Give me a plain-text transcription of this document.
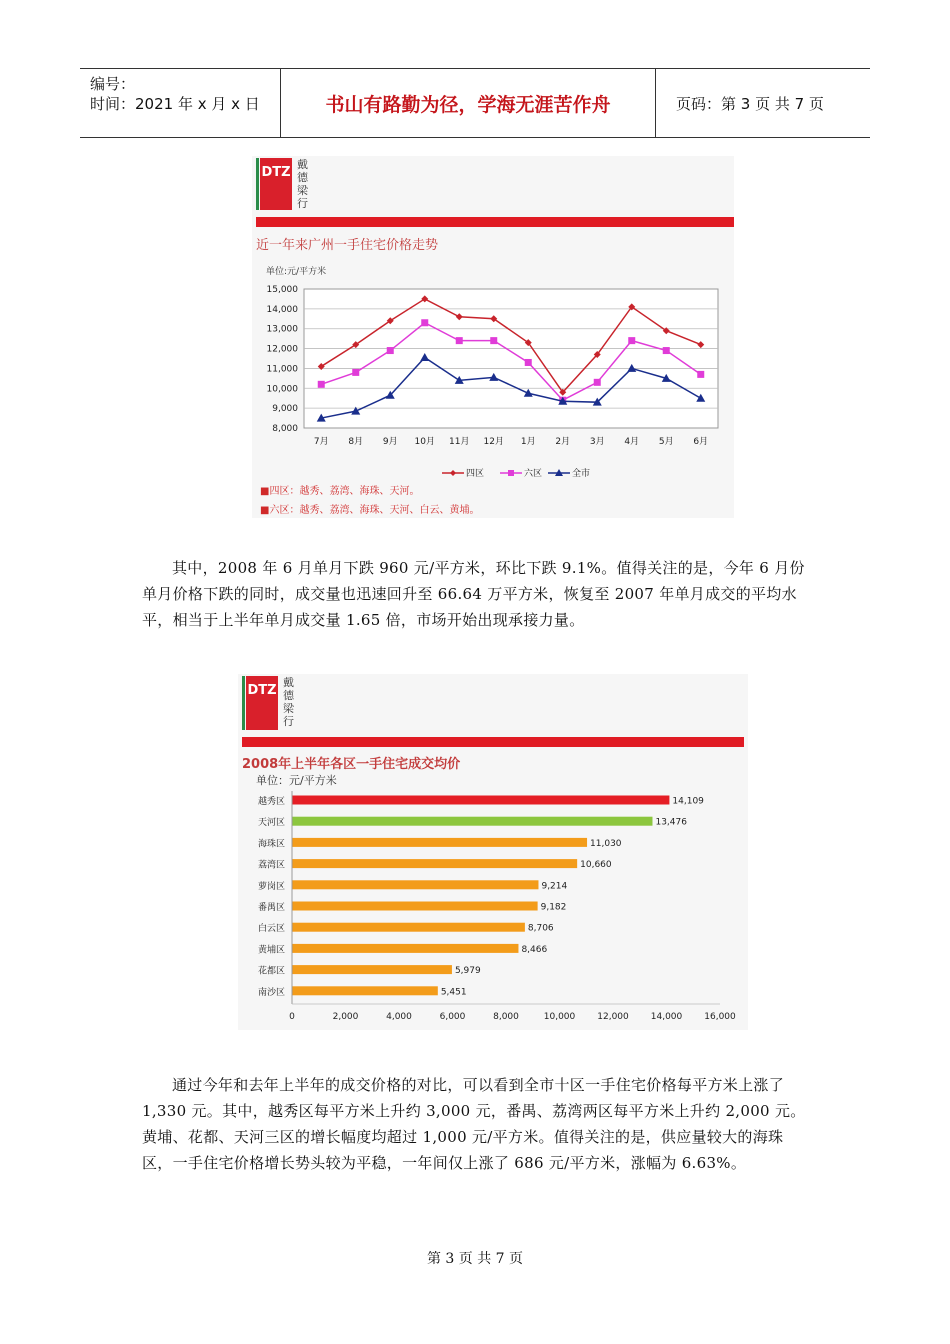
编号：
时间：2021 年 x 月 x 日	书山有路勤为径，学海无涯苦作舟	页码：第 3 页 共 7 页
DTZ
戴
德
梁
行
近一年来广州一手住宅价格走势
单位:元/平方米
8,000
9,000
10,000
11,000
12,000
13,000
14,000
15,000
7月 8月 9月 10月 11月 12月 1月 2月 3月 4月 5月 6月
四区	六区	全市
■四区：越秀、荔湾、海珠、天河。
■六区：越秀、荔湾、海珠、天河、白云、黄埔。
其中，2008 年 6 月单月下跌 960 元/平方米，环比下跌 9.1%。值得关注的是，今年 6 月份单月价格下跌的同时，成交量也迅速回升至 66.64 万平方米，恢复至 2007 年单月成交的平均水平，相当于上半年单月成交量 1.65 倍，市场开始出现承接力量。
DTZ
戴
德
梁
行
2008年上半年各区一手住宅成交均价
单位：元/平方米
越秀区	14,109
天河区	13,476
海珠区	11,030
荔湾区	10,660
萝岗区	9,214
番禺区	9,182
白云区	8,706
黄埔区	8,466
花都区	5,979
南沙区	5,451
0	2,000	4,000	6,000	8,000	10,000 12,000 14,000 16,000
通过今年和去年上半年的成交价格的对比，可以看到全市十区一手住宅价格每平方米上涨了 1,330 元。其中，越秀区每平方米上升约 3,000 元，番禺、荔湾两区每平方米上升约 2,000 元。黄埔、花都、天河三区的增长幅度均超过 1,000 元/平方米。值得关注的是，供应量较大的海珠区，一手住宅价格增长势头较为平稳，一年间仅上涨了 686 元/平方米，涨幅为 6.63%。
第 3 页 共 7 页
